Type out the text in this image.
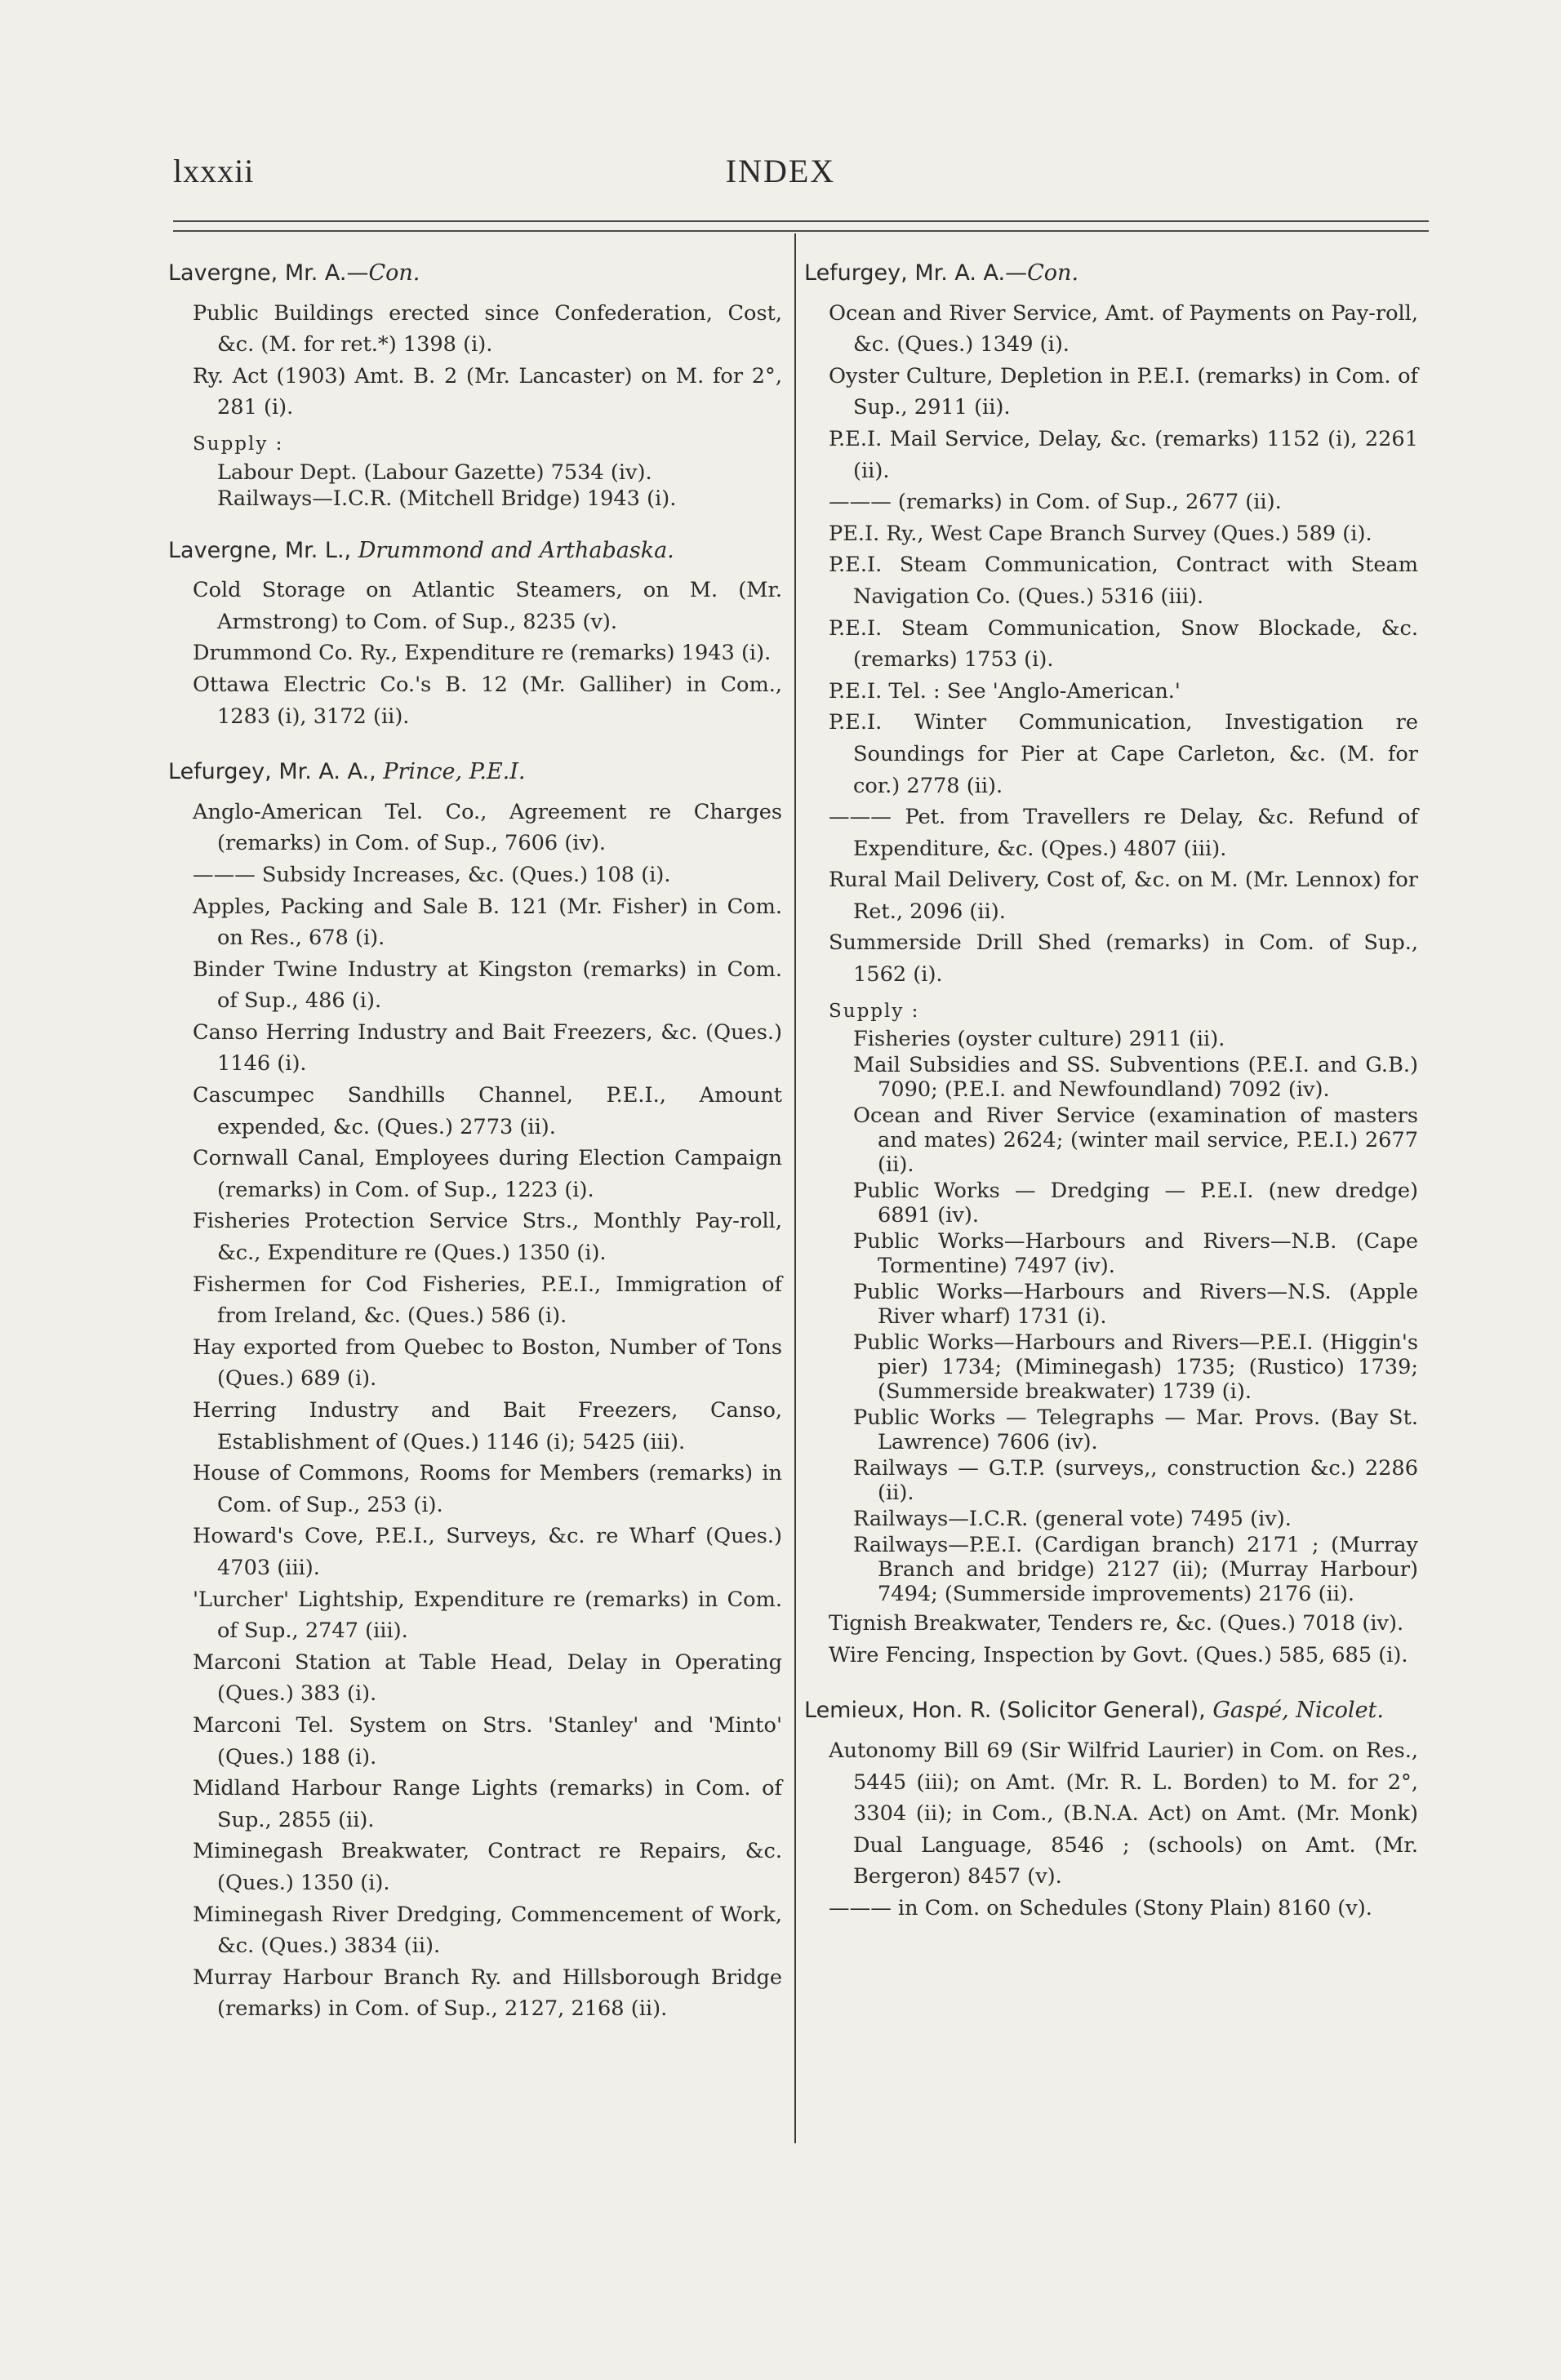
lxxxii	INDEX
Lavergne, Mr. A.—Con.
Public Buildings erected since Confederation, Cost, &c. (M. for ret.*) 1398 (i).
Ry. Act (1903) Amt. B. 2 (Mr. Lancaster) on M. for 2°, 281 (i).
Supply :
Labour Dept. (Labour Gazette) 7534 (iv).
Railways—I.C.R. (Mitchell Bridge) 1943 (i).
Lavergne, Mr. L., Drummond and Arthabaska.
Cold Storage on Atlantic Steamers, on M. (Mr. Armstrong) to Com. of Sup., 8235 (v).
Drummond Co. Ry., Expenditure re (remarks) 1943 (i).
Ottawa Electric Co.'s B. 12 (Mr. Galliher) in Com., 1283 (i), 3172 (ii).
Lefurgey, Mr. A. A., Prince, P.E.I.
Anglo-American Tel. Co., Agreement re Charges (remarks) in Com. of Sup., 7606 (iv).
——— Subsidy Increases, &c. (Ques.) 108 (i).
Apples, Packing and Sale B. 121 (Mr. Fisher) in Com. on Res., 678 (i).
Binder Twine Industry at Kingston (remarks) in Com. of Sup., 486 (i).
Canso Herring Industry and Bait Freezers, &c. (Ques.) 1146 (i).
Cascumpec Sandhills Channel, P.E.I., Amount expended, &c. (Ques.) 2773 (ii).
Cornwall Canal, Employees during Election Campaign (remarks) in Com. of Sup., 1223 (i).
Fisheries Protection Service Strs., Monthly Pay-roll, &c., Expenditure re (Ques.) 1350 (i).
Fishermen for Cod Fisheries, P.E.I., Immigration of from Ireland, &c. (Ques.) 586 (i).
Hay exported from Quebec to Boston, Number of Tons (Ques.) 689 (i).
Herring Industry and Bait Freezers, Canso, Establishment of (Ques.) 1146 (i); 5425 (iii).
House of Commons, Rooms for Members (remarks) in Com. of Sup., 253 (i).
Howard's Cove, P.E.I., Surveys, &c. re Wharf (Ques.) 4703 (iii).
'Lurcher' Lightship, Expenditure re (remarks) in Com. of Sup., 2747 (iii).
Marconi Station at Table Head, Delay in Operating (Ques.) 383 (i).
Marconi Tel. System on Strs. 'Stanley' and 'Minto' (Ques.) 188 (i).
Midland Harbour Range Lights (remarks) in Com. of Sup., 2855 (ii).
Miminegash Breakwater, Contract re Repairs, &c. (Ques.) 1350 (i).
Miminegash River Dredging, Commencement of Work, &c. (Ques.) 3834 (ii).
Murray Harbour Branch Ry. and Hillsborough Bridge (remarks) in Com. of Sup., 2127, 2168 (ii).
Lefurgey, Mr. A. A.—Con.
Ocean and River Service, Amt. of Payments on Pay-roll, &c. (Ques.) 1349 (i).
Oyster Culture, Depletion in P.E.I. (remarks) in Com. of Sup., 2911 (ii).
P.E.I. Mail Service, Delay, &c. (remarks) 1152 (i), 2261 (ii).
——— (remarks) in Com. of Sup., 2677 (ii).
PE.I. Ry., West Cape Branch Survey (Ques.) 589 (i).
P.E.I. Steam Communication, Contract with Steam Navigation Co. (Ques.) 5316 (iii).
P.E.I. Steam Communication, Snow Blockade, &c. (remarks) 1753 (i).
P.E.I. Tel. : See 'Anglo-American.'
P.E.I. Winter Communication, Investigation re Soundings for Pier at Cape Carleton, &c. (M. for cor.) 2778 (ii).
——— Pet. from Travellers re Delay, &c. Refund of Expenditure, &c. (Qpes.) 4807 (iii).
Rural Mail Delivery, Cost of, &c. on M. (Mr. Lennox) for Ret., 2096 (ii).
Summerside Drill Shed (remarks) in Com. of Sup., 1562 (i).
Supply :
Fisheries (oyster culture) 2911 (ii).
Mail Subsidies and SS. Subventions (P.E.I. and G.B.) 7090; (P.E.I. and Newfoundland) 7092 (iv).
Ocean and River Service (examination of masters and mates) 2624; (winter mail service, P.E.I.) 2677 (ii).
Public Works — Dredging — P.E.I. (new dredge) 6891 (iv).
Public Works—Harbours and Rivers—N.B. (Cape Tormentine) 7497 (iv).
Public Works—Harbours and Rivers—N.S. (Apple River wharf) 1731 (i).
Public Works—Harbours and Rivers—P.E.I. (Higgin's pier) 1734; (Miminegash) 1735; (Rustico) 1739; (Summerside breakwater) 1739 (i).
Public Works — Telegraphs — Mar. Provs. (Bay St. Lawrence) 7606 (iv).
Railways — G.T.P. (surveys,, construction &c.) 2286 (ii).
Railways—I.C.R. (general vote) 7495 (iv).
Railways—P.E.I. (Cardigan branch) 2171 ; (Murray Branch and bridge) 2127 (ii); (Murray Harbour) 7494; (Summerside improvements) 2176 (ii).
Tignish Breakwater, Tenders re, &c. (Ques.) 7018 (iv).
Wire Fencing, Inspection by Govt. (Ques.) 585, 685 (i).
Lemieux, Hon. R. (Solicitor General), Gaspé, Nicolet.
Autonomy Bill 69 (Sir Wilfrid Laurier) in Com. on Res., 5445 (iii); on Amt. (Mr. R. L. Borden) to M. for 2°, 3304 (ii); in Com., (B.N.A. Act) on Amt. (Mr. Monk) Dual Language, 8546 ; (schools) on Amt. (Mr. Bergeron) 8457 (v).
——— in Com. on Schedules (Stony Plain) 8160 (v).
